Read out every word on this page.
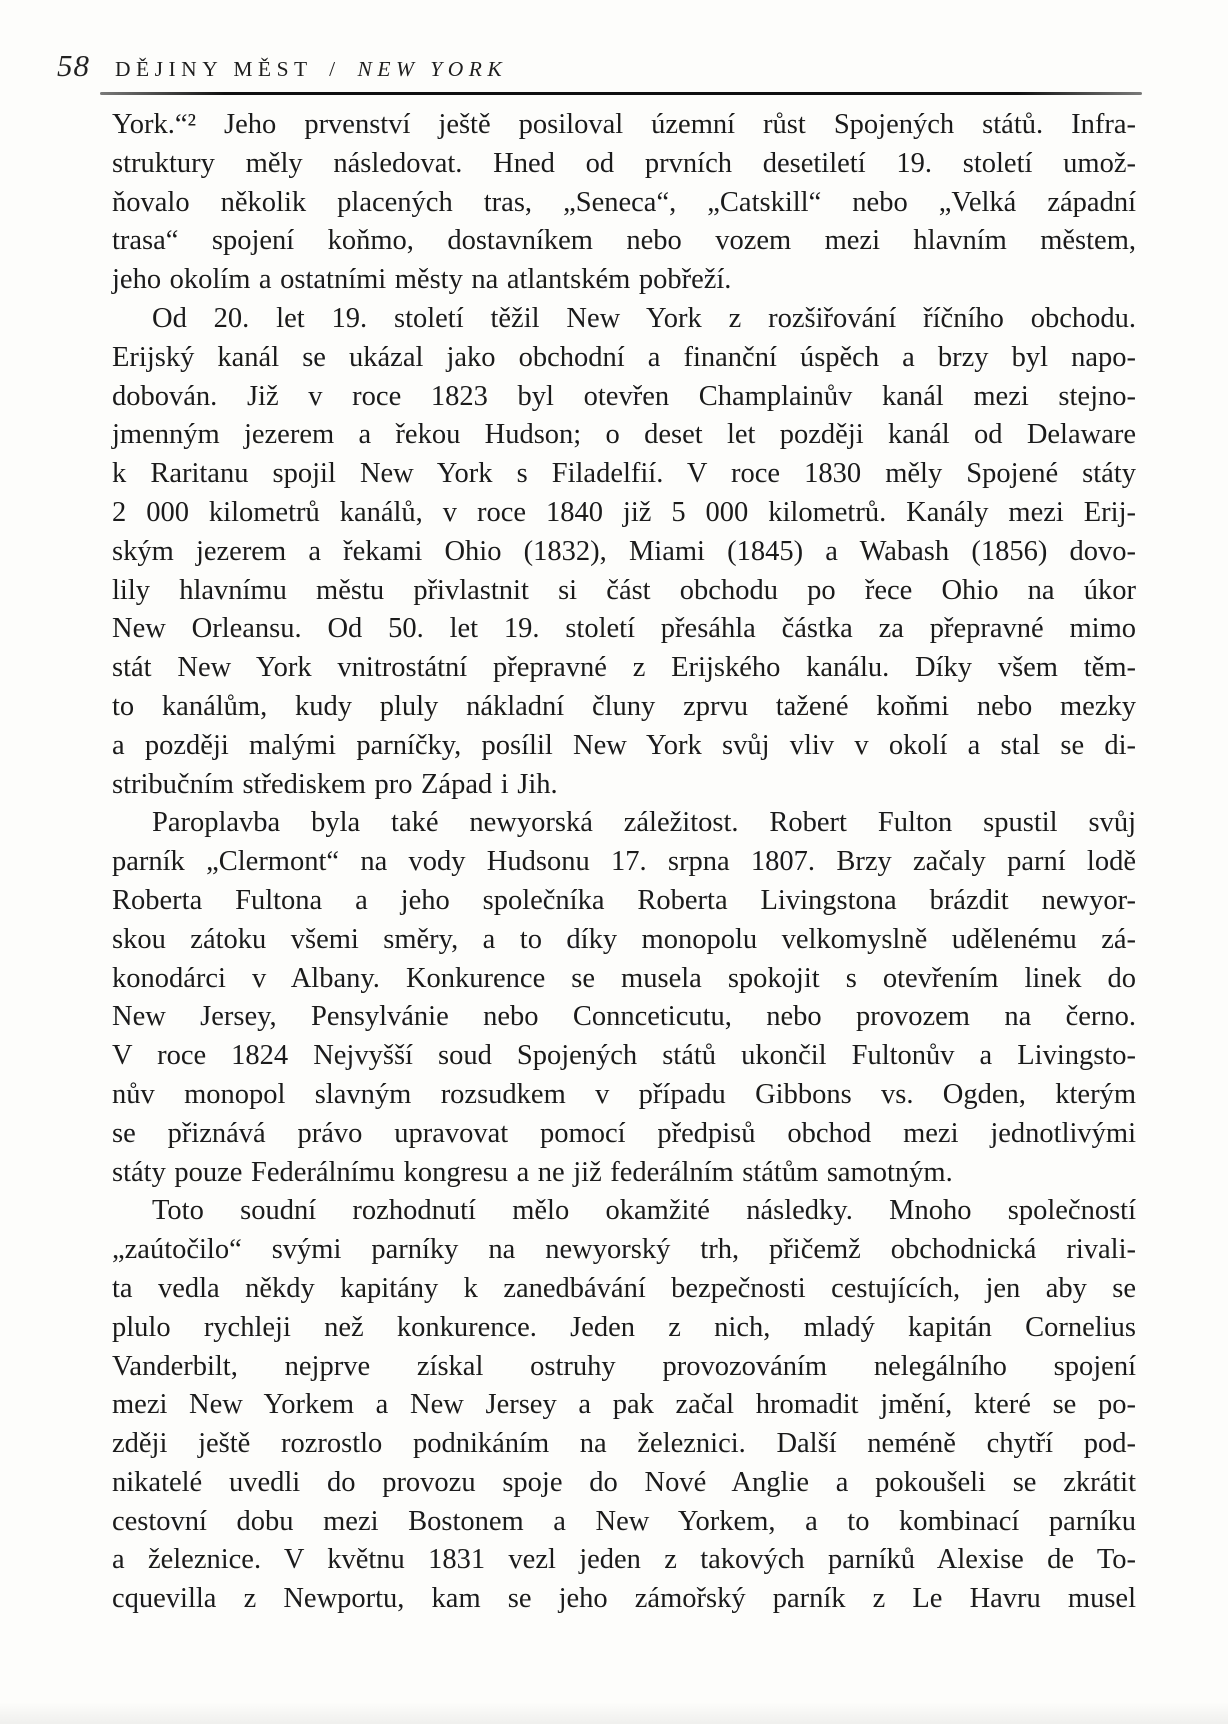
58 DĚJINY MĚST / NEW YORK
York.“² Jeho prvenství ještě posiloval územní růst Spojených států. Infra-
struktury měly následovat. Hned od prvních desetiletí 19. století umož-
ňovalo několik placených tras, „Seneca“, „Catskill“ nebo „Velká západní
trasa“ spojení koňmo, dostavníkem nebo vozem mezi hlavním městem,
jeho okolím a ostatními městy na atlantském pobřeží.
Od 20. let 19. století těžil New York z rozšiřování říčního obchodu.
Erijský kanál se ukázal jako obchodní a finanční úspěch a brzy byl napo-
dobován. Již v roce 1823 byl otevřen Champlainův kanál mezi stejno-
jmenným jezerem a řekou Hudson; o deset let později kanál od Delaware
k Raritanu spojil New York s Filadelfií. V roce 1830 měly Spojené státy
2 000 kilometrů kanálů, v roce 1840 již 5 000 kilometrů. Kanály mezi Erij-
ským jezerem a řekami Ohio (1832), Miami (1845) a Wabash (1856) dovo-
lily hlavnímu městu přivlastnit si část obchodu po řece Ohio na úkor
New Orleansu. Od 50. let 19. století přesáhla částka za přepravné mimo
stát New York vnitrostátní přepravné z Erijského kanálu. Díky všem těm-
to kanálům, kudy pluly nákladní čluny zprvu tažené koňmi nebo mezky
a později malými parníčky, posílil New York svůj vliv v okolí a stal se di-
stribučním střediskem pro Západ i Jih.
Paroplavba byla také newyorská záležitost. Robert Fulton spustil svůj
parník „Clermont“ na vody Hudsonu 17. srpna 1807. Brzy začaly parní lodě
Roberta Fultona a jeho společníka Roberta Livingstona brázdit newyor-
skou zátoku všemi směry, a to díky monopolu velkomyslně udělenému zá-
konodárci v Albany. Konkurence se musela spokojit s otevřením linek do
New Jersey, Pensylvánie nebo Connceticutu, nebo provozem na černo.
V roce 1824 Nejvyšší soud Spojených států ukončil Fultonův a Livingsto-
nův monopol slavným rozsudkem v případu Gibbons vs. Ogden, kterým
se přiznává právo upravovat pomocí předpisů obchod mezi jednotlivými
státy pouze Federálnímu kongresu a ne již federálním státům samotným.
Toto soudní rozhodnutí mělo okamžité následky. Mnoho společností
„zaútočilo“ svými parníky na newyorský trh, přičemž obchodnická rivali-
ta vedla někdy kapitány k zanedbávání bezpečnosti cestujících, jen aby se
plulo rychleji než konkurence. Jeden z nich, mladý kapitán Cornelius
Vanderbilt, nejprve získal ostruhy provozováním nelegálního spojení
mezi New Yorkem a New Jersey a pak začal hromadit jmění, které se po-
zději ještě rozrostlo podnikáním na železnici. Další neméně chytří pod-
nikatelé uvedli do provozu spoje do Nové Anglie a pokoušeli se zkrátit
cestovní dobu mezi Bostonem a New Yorkem, a to kombinací parníku
a železnice. V květnu 1831 vezl jeden z takových parníků Alexise de To-
cquevilla z Newportu, kam se jeho zámořský parník z Le Havru musel
